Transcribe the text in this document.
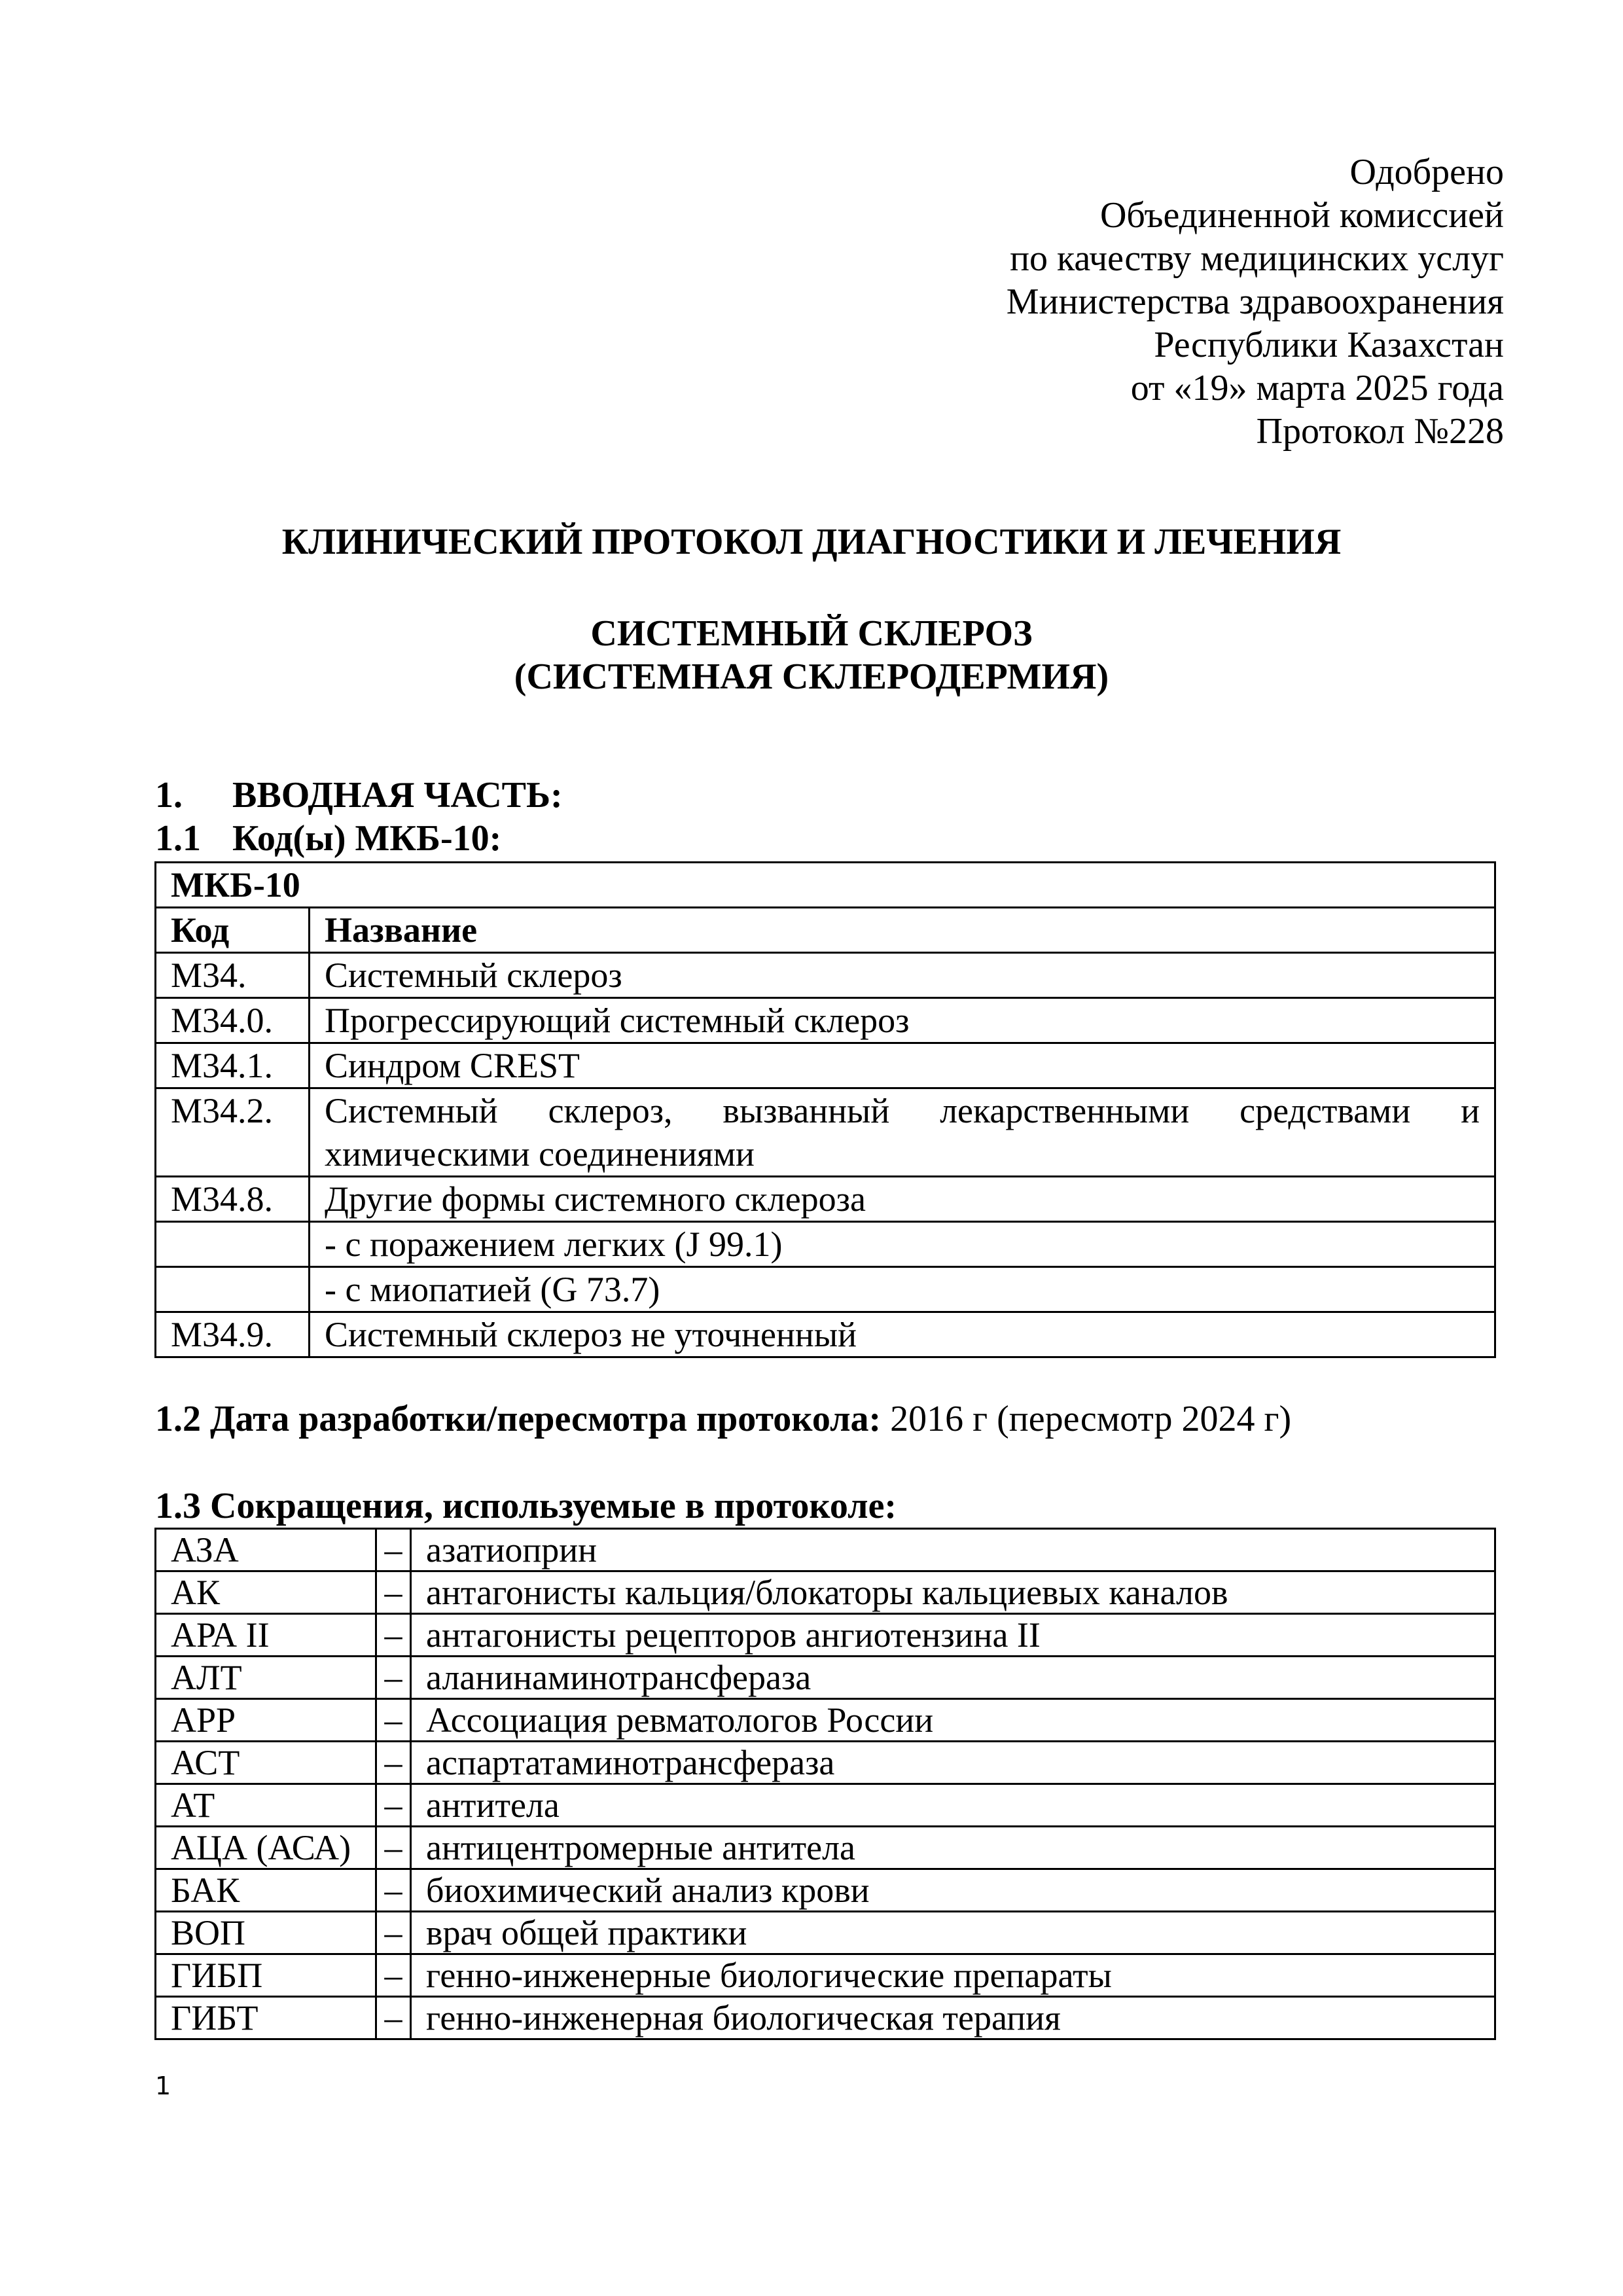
Одобрено
Объединенной комиссией
по качеству медицинских услуг
Министерства здравоохранения
Республики Казахстан
от «19» марта 2025 года
Протокол №228
КЛИНИЧЕСКИЙ ПРОТОКОЛ ДИАГНОСТИКИ И ЛЕЧЕНИЯ
СИСТЕМНЫЙ СКЛЕРОЗ
(СИСТЕМНАЯ СКЛЕРОДЕРМИЯ)
1. ВВОДНАЯ ЧАСТЬ:
1.1 Код(ы) МКБ-10:
МКБ-10	
Код	Название
M34.	Системный склероз
M34.0.	Прогрессирующий системный склероз
M34.1.	Синдром CREST
M34.2.	Системный склероз, вызванный лекарственными средствами и химическими соединениями
M34.8.	Другие формы системного склероза
	- с поражением легких (J 99.1)
	- с миопатией (G 73.7)
M34.9.	Системный склероз не уточненный
1.2 Дата разработки/пересмотра протокола: 2016 г (пересмотр 2024 г)
1.3 Сокращения, используемые в протоколе:
АЗА	–	азатиоприн
АК	–	антагонисты кальция/блокаторы кальциевых каналов
АРА II	–	антагонисты рецепторов ангиотензина II
АЛТ	–	аланинаминотрансфераза
АРР	–	Ассоциация ревматологов России
АСТ	–	аспартатаминотрансфераза
АТ	–	антитела
АЦА (АСА)	–	антицентромерные антитела
БАК	–	биохимический анализ крови
ВОП	–	врач общей практики
ГИБП	–	генно-инженерные биологические препараты
ГИБТ	–	генно-инженерная биологическая терапия
1
